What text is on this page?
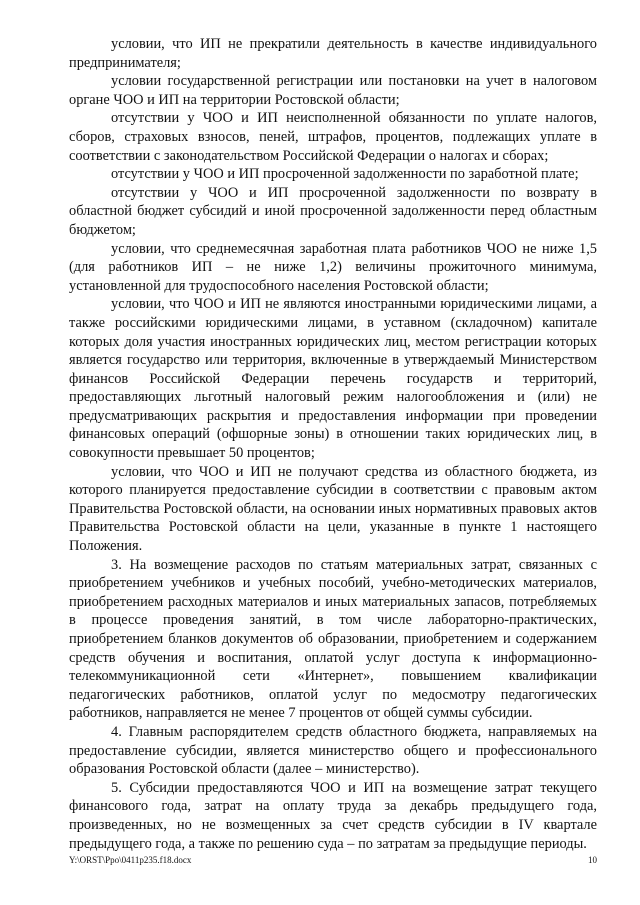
условии, что ИП не прекратили деятельность в качестве индивидуального предпринимателя;

условии государственной регистрации или постановки на учет в налоговом органе ЧОО и ИП на территории Ростовской области;

отсутствии у ЧОО и ИП неисполненной обязанности по уплате налогов, сборов, страховых взносов, пеней, штрафов, процентов, подлежащих уплате в соответствии с законодательством Российской Федерации о налогах и сборах;

отсутствии у ЧОО и ИП просроченной задолженности по заработной плате;

отсутствии у ЧОО и ИП просроченной задолженности по возврату в областной бюджет субсидий и иной просроченной задолженности перед областным бюджетом;

условии, что среднемесячная заработная плата работников ЧОО не ниже 1,5 (для работников ИП – не ниже 1,2) величины прожиточного минимума, установленной для трудоспособного населения Ростовской области;

условии, что ЧОО и ИП не являются иностранными юридическими лицами, а также российскими юридическими лицами, в уставном (складочном) капитале которых доля участия иностранных юридических лиц, местом регистрации которых является государство или территория, включенные в утверждаемый Министерством финансов Российской Федерации перечень государств и территорий, предоставляющих льготный налоговый режим налогообложения и (или) не предусматривающих раскрытия и предоставления информации при проведении финансовых операций (офшорные зоны) в отношении таких юридических лиц, в совокупности превышает 50 процентов;

условии, что ЧОО и ИП не получают средства из областного бюджета, из которого планируется предоставление субсидии в соответствии с правовым актом Правительства Ростовской области, на основании иных нормативных правовых актов Правительства Ростовской области на цели, указанные в пункте 1 настоящего Положения.

3. На возмещение расходов по статьям материальных затрат, связанных с приобретением учебников и учебных пособий, учебно-методических материалов, приобретением расходных материалов и иных материальных запасов, потребляемых в процессе проведения занятий, в том числе лабораторно-практических, приобретением бланков документов об образовании, приобретением и содержанием средств обучения и воспитания, оплатой услуг доступа к информационно-телекоммуникационной сети «Интернет», повышением квалификации педагогических работников, оплатой услуг по медосмотру педагогических работников, направляется не менее 7 процентов от общей суммы субсидии.

4. Главным распорядителем средств областного бюджета, направляемых на предоставление субсидии, является министерство общего и профессионального образования Ростовской области (далее – министерство).

5. Субсидии предоставляются ЧОО и ИП на возмещение затрат текущего финансового года, затрат на оплату труда за декабрь предыдущего года, произведенных, но не возмещенных за счет средств субсидии в IV квартале предыдущего года, а также по решению суда – по затратам за предыдущие периоды.

Y:\ORST\Ppo\0411p235.f18.docx	10
